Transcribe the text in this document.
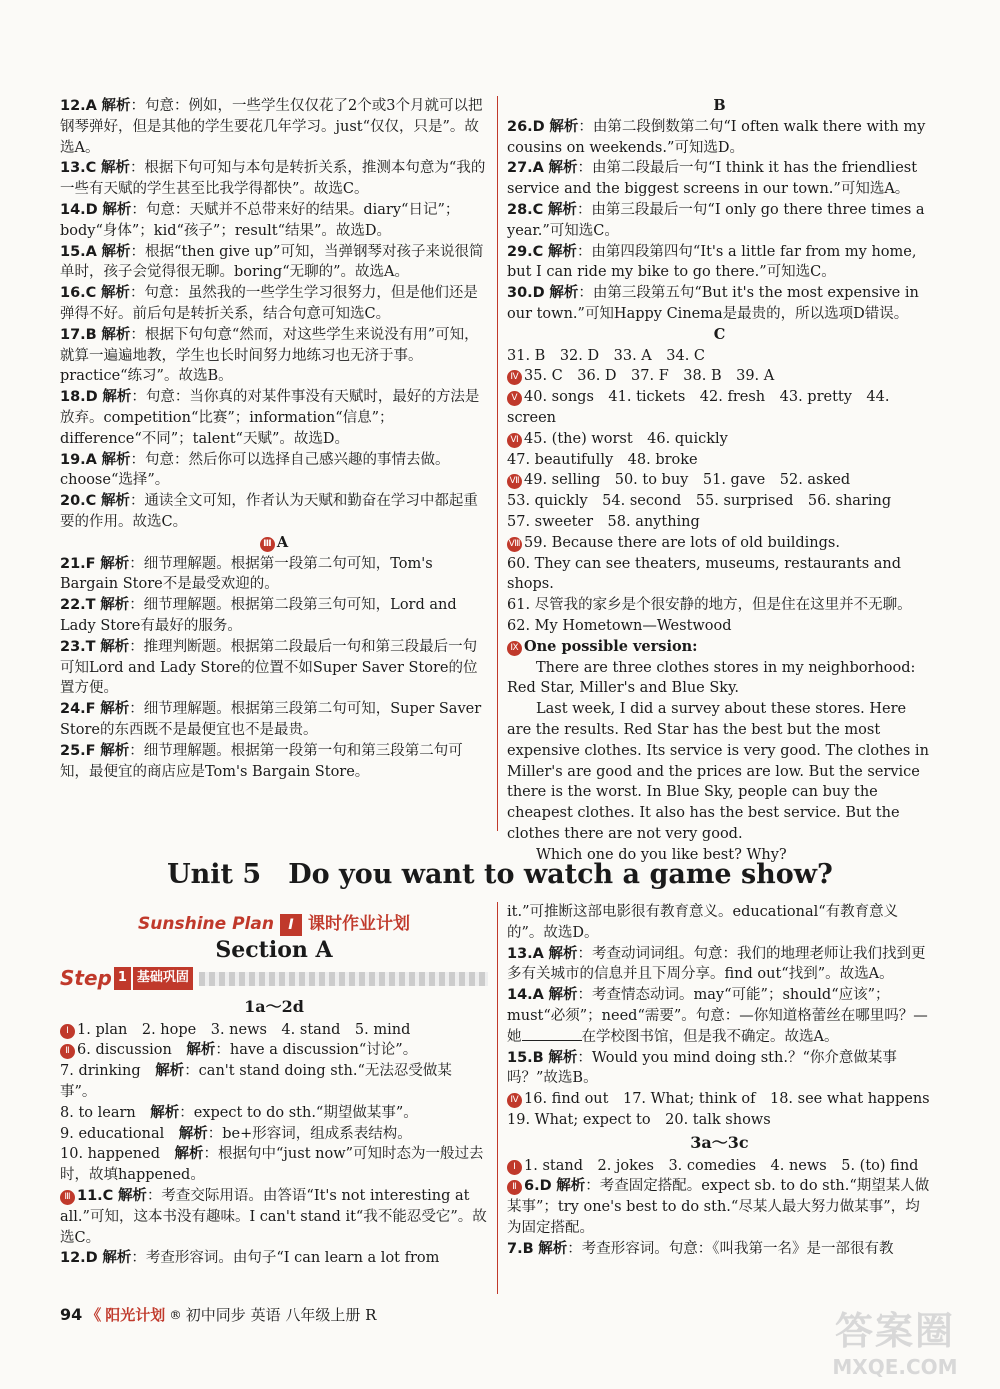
12.A 解析：句意：例如，一些学生仅仅花了2个或3个月就可以把钢琴弹好，但是其他的学生要花几年学习。just“仅仅，只是”。故选A。

13.C 解析：根据下句可知与本句是转折关系，推测本句意为“我的一些有天赋的学生甚至比我学得都快”。故选C。

14.D 解析：句意：天赋并不总带来好的结果。diary“日记”；body“身体”；kid“孩子”；result“结果”。故选D。

15.A 解析：根据“then give up”可知，当弹钢琴对孩子来说很简单时，孩子会觉得很无聊。boring“无聊的”。故选A。

16.C 解析：句意：虽然我的一些学生学习很努力，但是他们还是弹得不好。前后句是转折关系，结合句意可知选C。

17.B 解析：根据下句句意“然而，对这些学生来说没有用”可知，就算一遍遍地教，学生也长时间努力地练习也无济于事。practice“练习”。故选B。

18.D 解析：句意：当你真的对某件事没有天赋时，最好的方法是放弃。competition“比赛”；information“信息”；difference“不同”；talent“天赋”。故选D。

19.A 解析：句意：然后你可以选择自己感兴趣的事情去做。choose“选择”。

20.C 解析：通读全文可知，作者认为天赋和勤奋在学习中都起重要的作用。故选C。

Ⅲ A

21.F 解析：细节理解题。根据第一段第二句可知，Tom's Bargain Store不是最受欢迎的。

22.T 解析：细节理解题。根据第二段第三句可知，Lord and Lady Store有最好的服务。

23.T 解析：推理判断题。根据第二段最后一句和第三段最后一句可知Lord and Lady Store的位置不如Super Saver Store的位置方便。

24.F 解析：细节理解题。根据第三段第二句可知，Super Saver Store的东西既不是最便宜也不是最贵。

25.F 解析：细节理解题。根据第一段第一句和第三段第二句可知，最便宜的商店应是Tom's Bargain Store。

B

26.D 解析：由第二段倒数第二句“I often walk there with my cousins on weekends.”可知选D。

27.A 解析：由第二段最后一句“I think it has the friendliest service and the biggest screens in our town.”可知选A。

28.C 解析：由第三段最后一句“I only go there three times a year.”可知选C。

29.C 解析：由第四段第四句“It's a little far from my home, but I can ride my bike to go there.”可知选C。

30.D 解析：由第三段第五句“But it's the most expensive in our town.”可知Happy Cinema是最贵的，所以选项D错误。

C

31. B　32. D　33. A　34. C

Ⅳ 35. C　36. D　37. F　38. B　39. A

Ⅴ 40. songs　41. tickets　42. fresh　43. pretty　44. screen

Ⅵ 45. (the) worst　46. quickly

47. beautifully　48. broke

Ⅶ 49. selling　50. to buy　51. gave　52. asked

53. quickly　54. second　55. surprised　56. sharing

57. sweeter　58. anything

Ⅷ 59. Because there are lots of old buildings.

60. They can see theaters, museums, restaurants and shops.

61. 尽管我的家乡是个很安静的地方，但是住在这里并不无聊。

62. My Hometown—Westwood

Ⅸ One possible version:

There are three clothes stores in my neighborhood: Red Star, Miller's and Blue Sky.

Last week, I did a survey about these stores. Here are the results. Red Star has the best but the most expensive clothes. Its service is very good. The clothes in Miller's are good and the prices are low. But the service there is the worst. In Blue Sky, people can buy the cheapest clothes. It also has the best service. But the clothes there are not very good.

Which one do you like best? Why?

Unit 5　Do you want to watch a game show?
Sunshine Plan I 课时作业计划
Section A
Step 1 基础巩固
1a～2d

Ⅰ 1. plan　2. hope　3. news　4. stand　5. mind

Ⅱ 6. discussion　解析：have a discussion“讨论”。

7. drinking　解析：can't stand doing sth.“无法忍受做某事”。

8. to learn　解析：expect to do sth.“期望做某事”。

9. educational　解析：be+形容词，组成系表结构。

10. happened　解析：根据句中“just now”可知时态为一般过去时，故填happened。

Ⅲ 11.C 解析：考查交际用语。由答语“It's not interesting at all.”可知，这本书没有趣味。I can't stand it“我不能忍受它”。故选C。

12.D 解析：考查形容词。由句子“I can learn a lot from

it.”可推断这部电影很有教育意义。educational“有教育意义的”。故选D。

13.A 解析：考查动词词组。句意：我们的地理老师让我们找到更多有关城市的信息并且下周分享。find out“找到”。故选A。

14.A 解析：考查情态动词。may“可能”；should“应该”；must“必须”；need“需要”。句意：—你知道格蕾丝在哪里吗？—她	在学校图书馆，但是我不确定。故选A。

15.B 解析：Would you mind doing sth.？“你介意做某事吗？”故选B。

Ⅳ 16. find out　17. What; think of　18. see what happens

19. What; expect to　20. talk shows

3a～3c

Ⅰ 1. stand　2. jokes　3. comedies　4. news　5. (to) find

Ⅱ 6.D 解析：考查固定搭配。expect sb. to do sth.“期望某人做某事”；try one's best to do sth.“尽某人最大努力做某事”，均为固定搭配。

7.B 解析：考查形容词。句意：《叫我第一名》是一部很有教

94 《 阳光计划 ® 初中同步 英语 八年级上册 R	答案圈
MXQE.COM
